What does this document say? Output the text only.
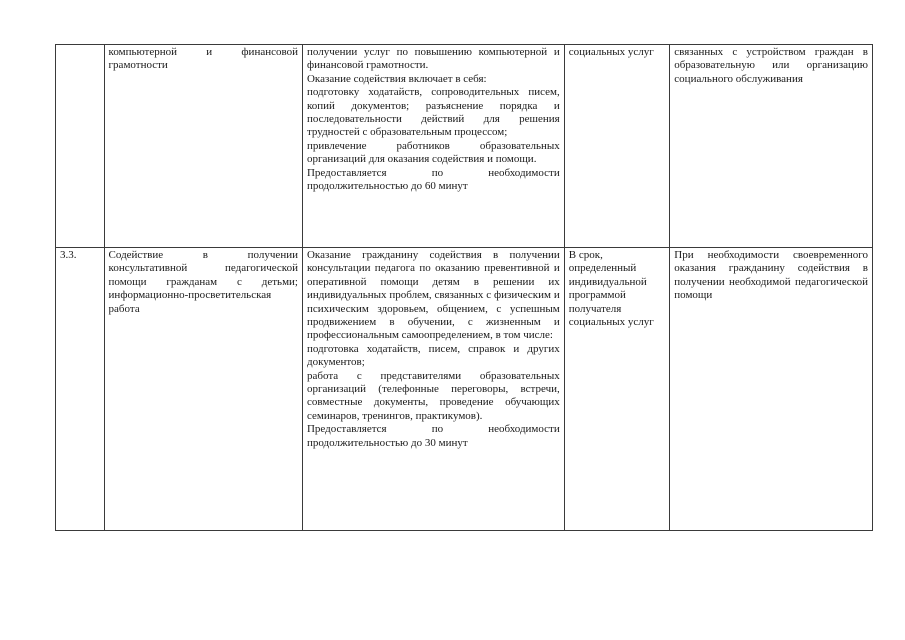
	компьютерной и финансовой грамотности	получении услуг по повышению компьютерной и финансовой грамотности.
Оказание содействия включает в себя:
подготовку ходатайств, сопроводительных писем, копий документов; разъяснение порядка и последовательности действий для решения трудностей с образовательным процессом;
привлечение работников образовательных организаций для оказания содействия и помощи.
Предоставляется по необходимости продолжительностью до 60 минут	социальных услуг	связанных с устройством граждан в образовательную или организацию социального обслуживания
3.3.	Содействие в получении консультативной педагогической помощи гражданам с детьми; информационно-просветительская работа	Оказание гражданину содействия в получении консультации педагога по оказанию превентивной и оперативной помощи детям в решении их индивидуальных проблем, связанных с физическим и психическим здоровьем, общением, с успешным продвижением в обучении, с жизненным и профессиональным самоопределением, в том числе:
подготовка ходатайств, писем, справок и других документов;
работа с представителями образовательных организаций (телефонные переговоры, встречи, совместные документы, проведение обучающих семинаров, тренингов, практикумов).
Предоставляется по необходимости продолжительностью до 30 минут	В срок, определенный индивидуальной программой получателя социальных услуг	При необходимости своевременного оказания гражданину содействия в получении необходимой педагогической помощи
